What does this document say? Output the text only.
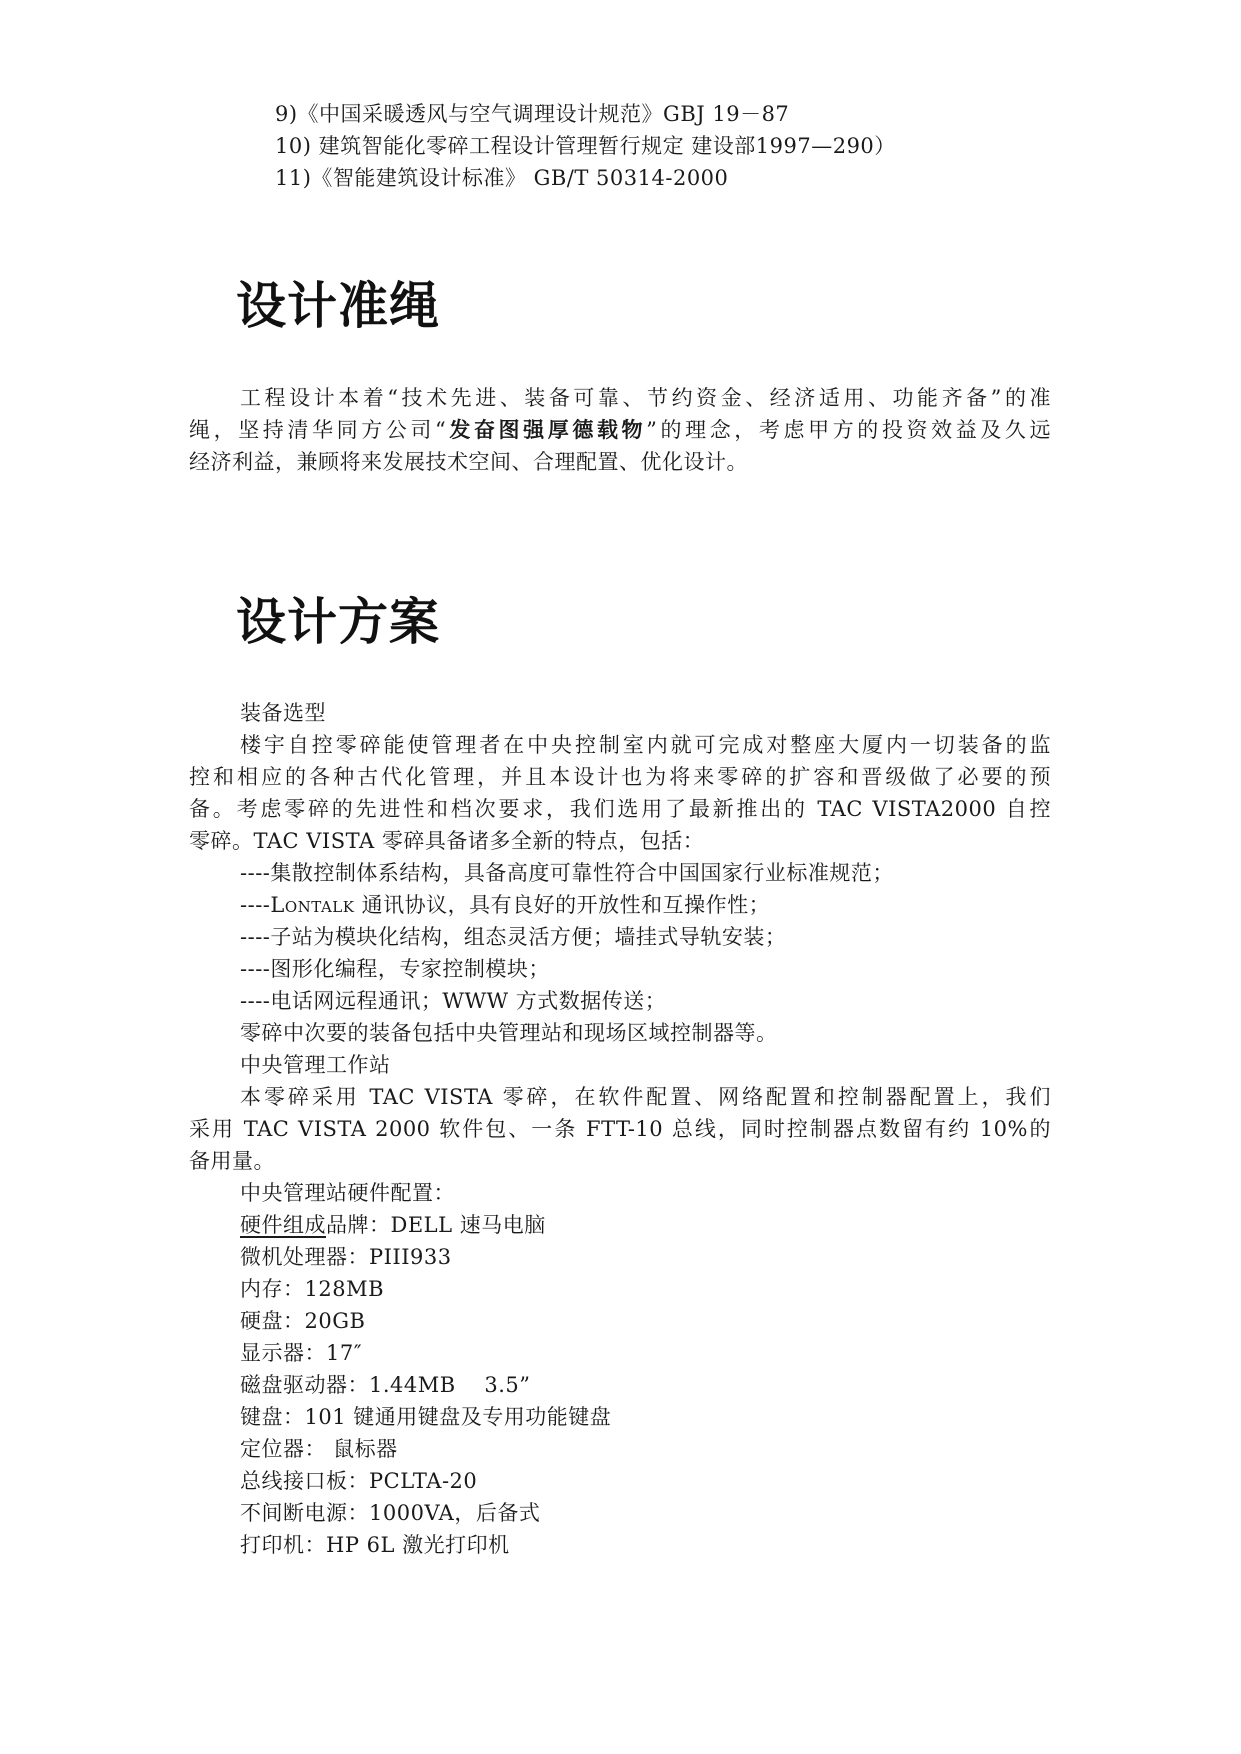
9)《中国采暖透风与空气调理设计规范》GBJ 19－87
10) 建筑智能化零碎工程设计管理暂行规定 建设部1997—290）
11)《智能建筑设计标准》 GB/T 50314-2000
设计准绳
工程设计本着“技术先进、装备可靠、节约资金、经济适用、功能齐备”的准
绳，坚持清华同方公司“发奋图强厚德载物”的理念，考虑甲方的投资效益及久远
经济利益，兼顾将来发展技术空间、合理配置、优化设计。
设计方案
装备选型
楼宇自控零碎能使管理者在中央控制室内就可完成对整座大厦内一切装备的监
控和相应的各种古代化管理，并且本设计也为将来零碎的扩容和晋级做了必要的预
备。考虑零碎的先进性和档次要求，我们选用了最新推出的 TAC VISTA2000 自控
零碎。TAC VISTA 零碎具备诸多全新的特点，包括：
----集散控制体系结构，具备高度可靠性符合中国国家行业标准规范；
----Lontalk 通讯协议，具有良好的开放性和互操作性；
----子站为模块化结构，组态灵活方便；墙挂式导轨安装；
----图形化编程，专家控制模块；
----电话网远程通讯；WWW 方式数据传送；
零碎中次要的装备包括中央管理站和现场区域控制器等。
中央管理工作站
本零碎采用 TAC VISTA 零碎，在软件配置、网络配置和控制器配置上，我们
采用 TAC VISTA 2000 软件包、一条 FTT-10 总线，同时控制器点数留有约 10%的
备用量。
中央管理站硬件配置：
硬件组成品牌：DELL 速马电脑
微机处理器：PIII933
内存：128MB
硬盘：20GB
显示器：17″
磁盘驱动器：1.44MB    3.5”
键盘：101 键通用键盘及专用功能键盘
定位器： 鼠标器
总线接口板：PCLTA-20
不间断电源：1000VA，后备式
打印机：HP 6L 激光打印机
